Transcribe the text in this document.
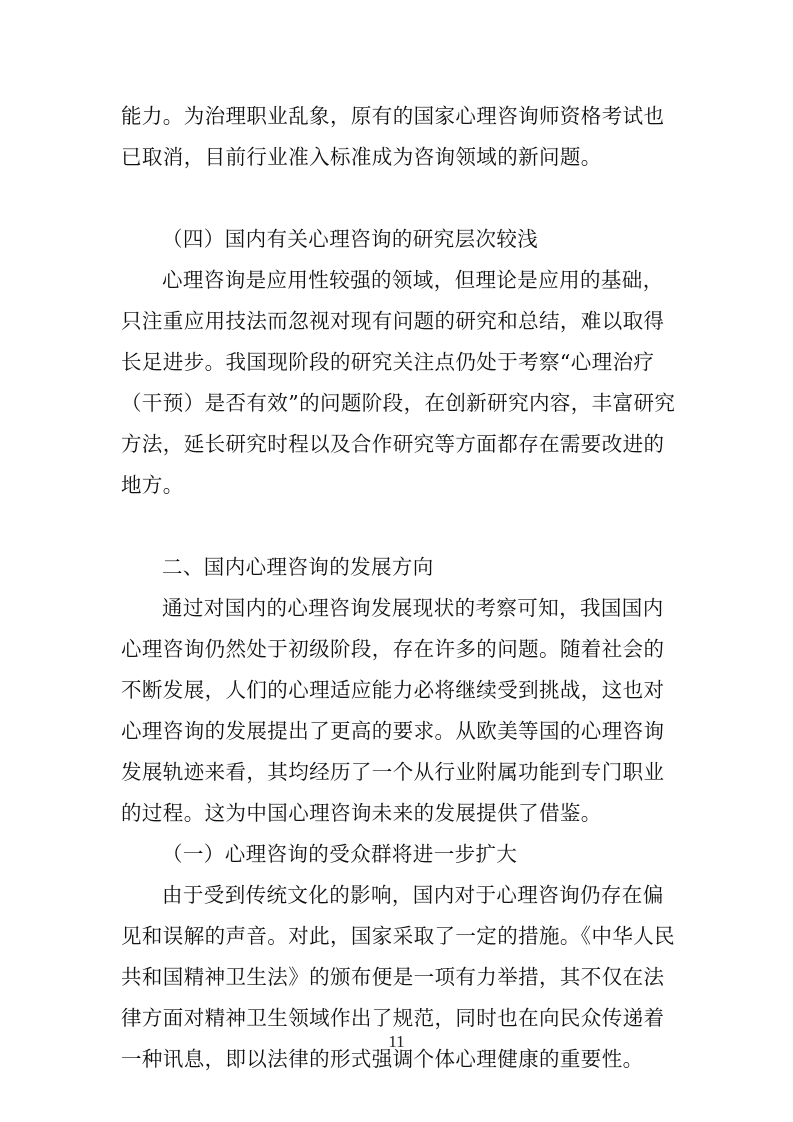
能力。为治理职业乱象，原有的国家心理咨询师资格考试也已取消，目前行业准入标准成为咨询领域的新问题。

（四）国内有关心理咨询的研究层次较浅

心理咨询是应用性较强的领域，但理论是应用的基础，只注重应用技法而忽视对现有问题的研究和总结，难以取得长足进步。我国现阶段的研究关注点仍处于考察“心理治疗（干预）是否有效”的问题阶段，在创新研究内容，丰富研究方法，延长研究时程以及合作研究等方面都存在需要改进的地方。

二、国内心理咨询的发展方向

通过对国内的心理咨询发展现状的考察可知，我国国内心理咨询仍然处于初级阶段，存在许多的问题。随着社会的不断发展，人们的心理适应能力必将继续受到挑战，这也对心理咨询的发展提出了更高的要求。从欧美等国的心理咨询发展轨迹来看，其均经历了一个从行业附属功能到专门职业的过程。这为中国心理咨询未来的发展提供了借鉴。

（一）心理咨询的受众群将进一步扩大

由于受到传统文化的影响，国内对于心理咨询仍存在偏见和误解的声音。对此，国家采取了一定的措施。《中华人民共和国精神卫生法》的颁布便是一项有力举措，其不仅在法律方面对精神卫生领域作出了规范，同时也在向民众传递着一种讯息，即以法律的形式强调个体心理健康的重要性。

11
